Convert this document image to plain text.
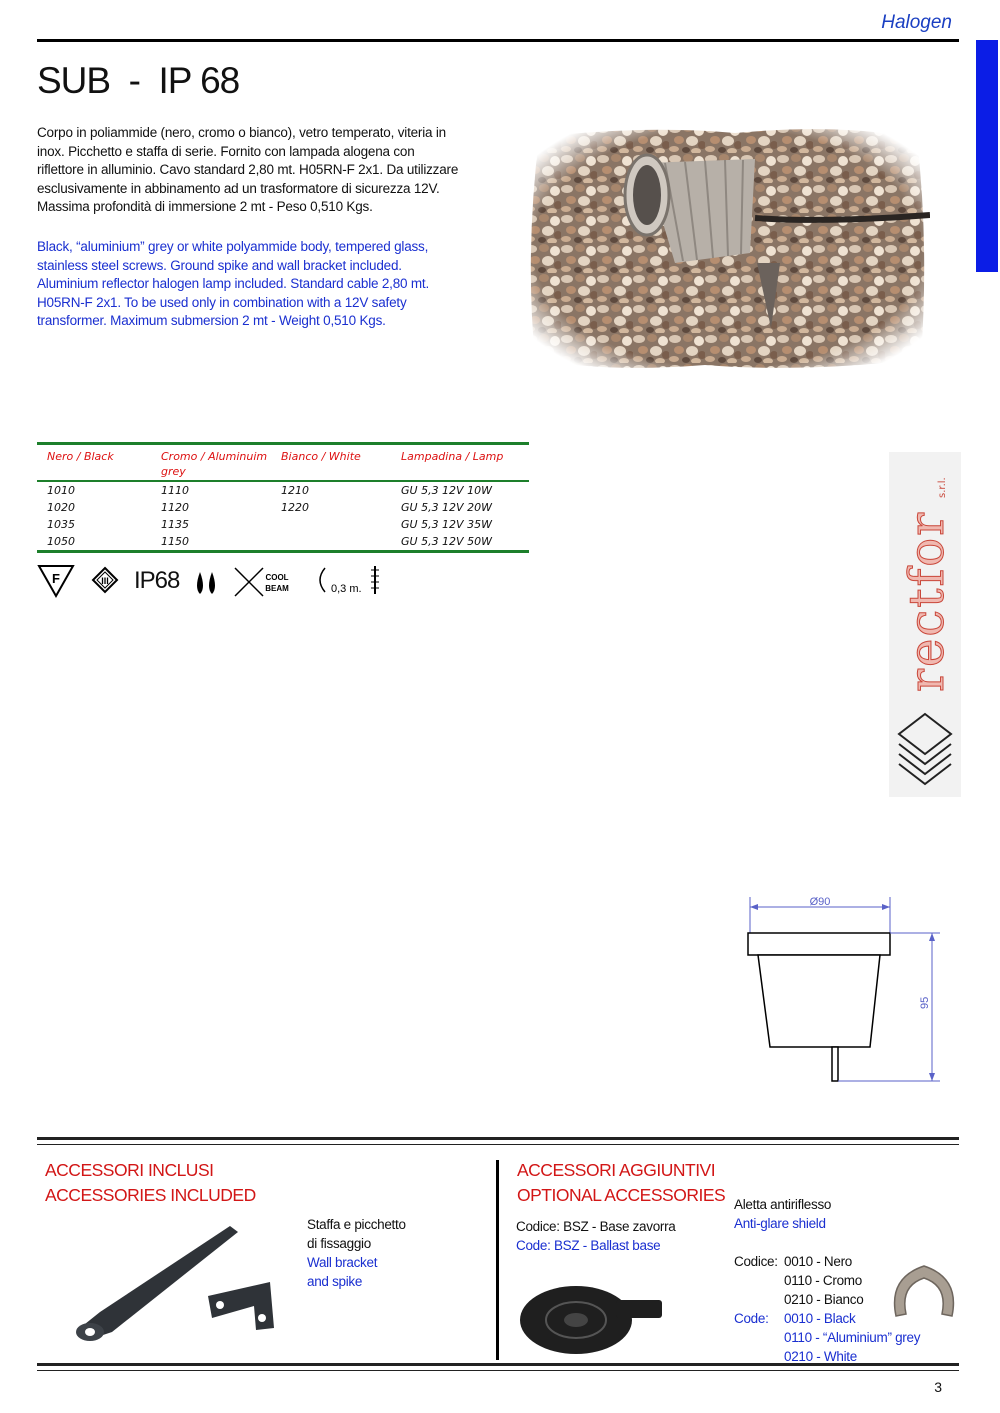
Halogen
SUB  -  IP 68
Corpo in poliammide (nero, cromo o bianco), vetro temperato, viteria in
inox. Picchetto e staffa di serie. Fornito con lampada alogena con
riflettore in alluminio. Cavo standard 2,80 mt. H05RN-F 2x1. Da utilizzare
esclusivamente in abbinamento ad un trasformatore di sicurezza 12V.
Massima profondità di immersione 2 mt - Peso 0,510 Kgs.
Black, “aluminium” grey or white polyammide body, tempered glass,
stainless steel screws. Ground spike and wall bracket included.
Aluminium reflector halogen lamp included. Standard cable 2,80 mt.
H05RN-F 2x1. To be used only in combination with a 12V safety
transformer. Maximum submersion 2 mt - Weight 0,510 Kgs.
Nero / Black	Cromo / Aluminuim grey	Bianco / White	Lampadina / Lamp
1010	1110	1210	GU 5,3 12V 10W
1020	1120	1220	GU 5,3 12V 20W
1035	1135		GU 5,3 12V 35W
1050	1150		GU 5,3 12V 50W
F	III	COOL
BEAM	0,3 m.
IP68	rectfor
s.r.l.
Ø90
95
ACCESSORI INCLUSI
ACCESSORIES INCLUDED
Staffa e picchetto
di fissaggio
Wall bracket
and spike
ACCESSORI AGGIUNTIVI
OPTIONAL ACCESSORIES
Codice: BSZ - Base zavorra
Code: BSZ - Ballast base
Aletta antiriflesso
Anti-glare shield
Codice: 0010 - Nero
0110 - Cromo
0210 - Bianco
Code:	0010 - Black
0110 - “Aluminium” grey
0210 - White
3
